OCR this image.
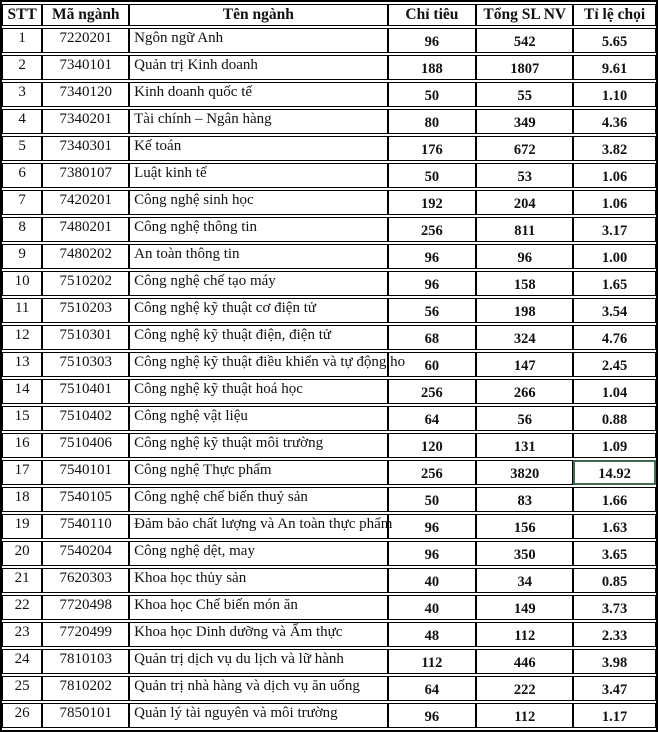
STT	Mã ngành	Tên ngành	Chỉ tiêu	Tổng SL NV	Tỉ lệ chọi
1	7220201	Ngôn ngữ Anh	96	542	5.65
2	7340101	Quản trị Kinh doanh	188	1807	9.61
3	7340120	Kinh doanh quốc tế	50	55	1.10
4	7340201	Tài chính – Ngân hàng	80	349	4.36
5	7340301	Kế toán	176	672	3.82
6	7380107	Luật kinh tế	50	53	1.06
7	7420201	Công nghệ sinh học	192	204	1.06
8	7480201	Công nghệ thông tin	256	811	3.17
9	7480202	An toàn thông tin	96	96	1.00
10	7510202	Công nghệ chế tạo máy	96	158	1.65
11	7510203	Công nghệ kỹ thuật cơ điện tử	56	198	3.54
12	7510301	Công nghệ kỹ thuật điện, điện tử	68	324	4.76
13	7510303	Công nghệ kỹ thuật điều khiển và tự động ho	60	147	2.45
14	7510401	Công nghệ kỹ thuật hoá học	256	266	1.04
15	7510402	Công nghệ vật liệu	64	56	0.88
16	7510406	Công nghệ kỹ thuật môi trường	120	131	1.09
17	7540101	Công nghệ Thực phẩm	256	3820	14.92
18	7540105	Công nghệ chế biến thuỷ sản	50	83	1.66
19	7540110	Đảm bảo chất lượng và An toàn thực phẩm	96	156	1.63
20	7540204	Công nghệ dệt, may	96	350	3.65
21	7620303	Khoa học thủy sản	40	34	0.85
22	7720498	Khoa học Chế biến món ăn	40	149	3.73
23	7720499	Khoa học Dinh dưỡng và Ẩm thực	48	112	2.33
24	7810103	Quản trị dịch vụ du lịch và lữ hành	112	446	3.98
25	7810202	Quản trị nhà hàng và dịch vụ ăn uống	64	222	3.47
26	7850101	Quản lý tài nguyên và môi trường	96	112	1.17
